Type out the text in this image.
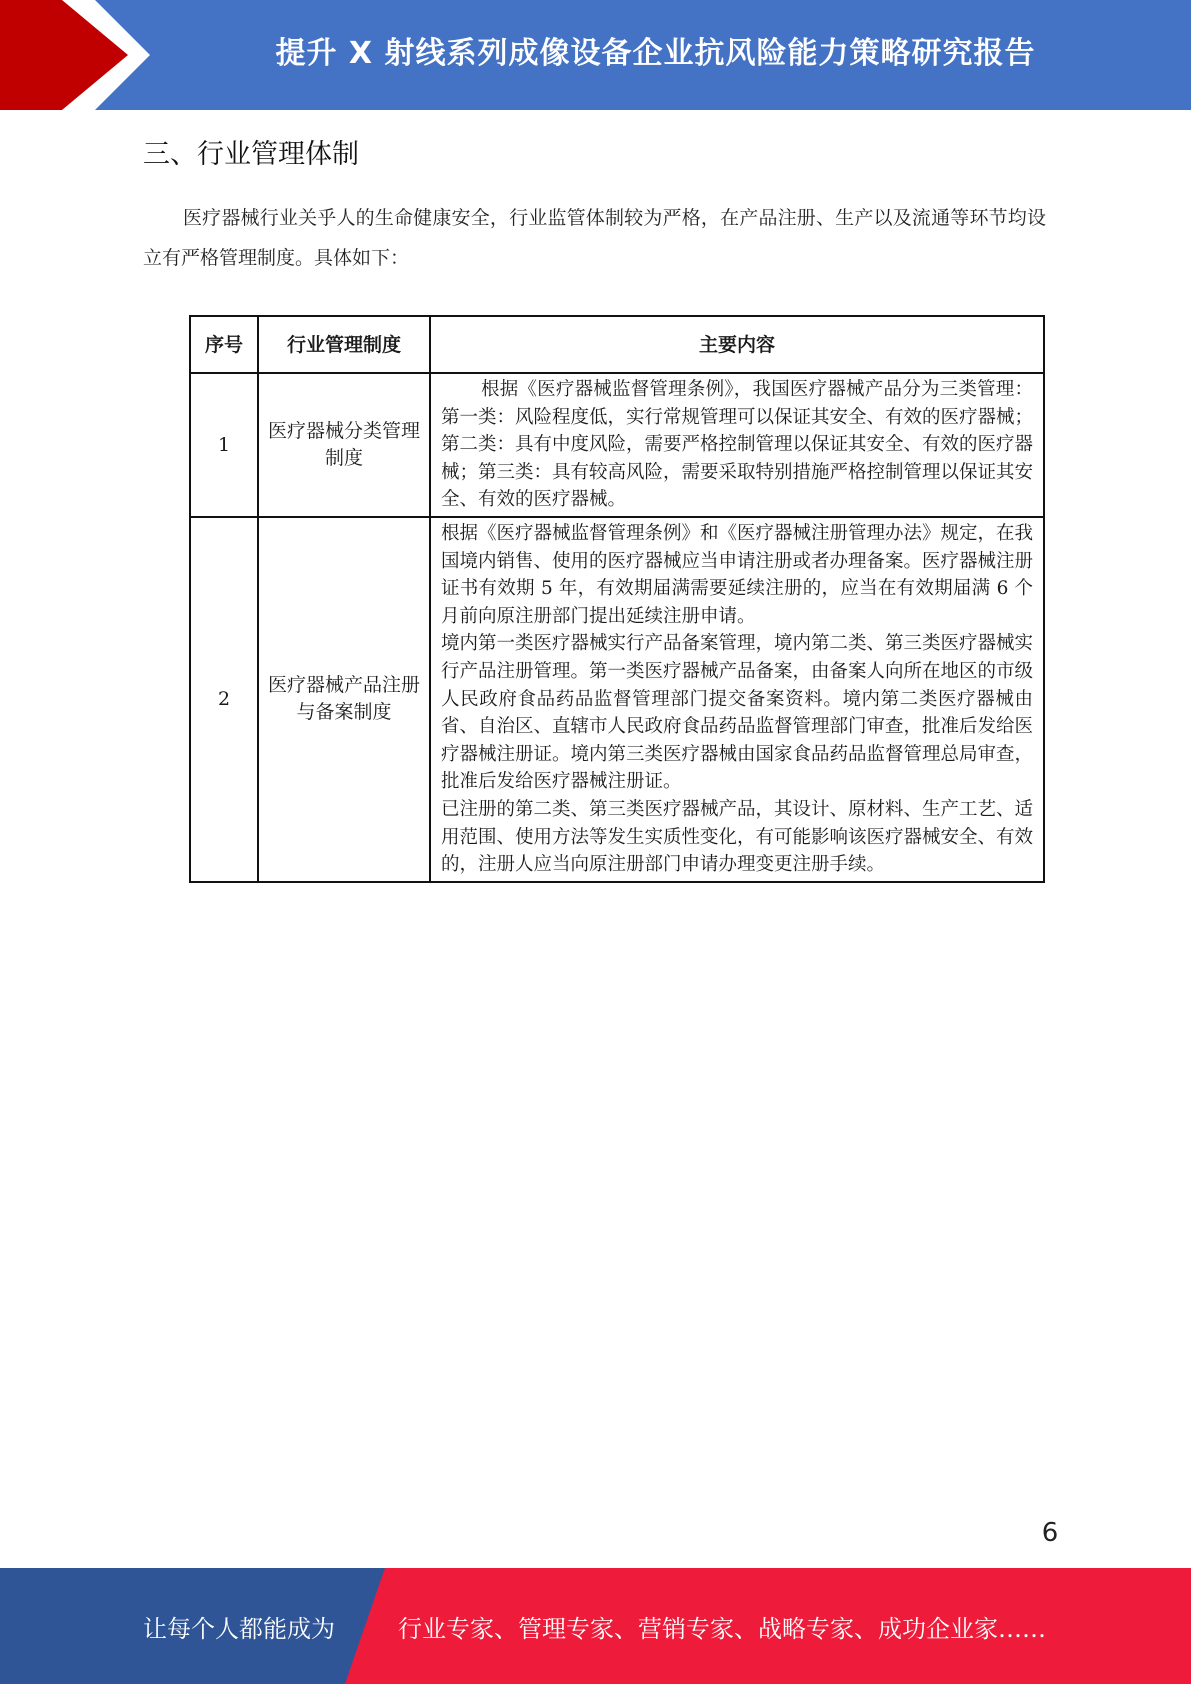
提升 X 射线系列成像设备企业抗风险能力策略研究报告
三、行业管理体制
医疗器械行业关乎人的生命健康安全，行业监管体制较为严格，在产品注册、生产以及流通等环节均设立有严格管理制度。具体如下：
序号	行业管理制度	主要内容
1	医疗器械分类管理制度	根据《医疗器械监督管理条例》，我国医疗器械产品分为三类管理：第一类：风险程度低，实行常规管理可以保证其安全、有效的医疗器械；第二类：具有中度风险，需要严格控制管理以保证其安全、有效的医疗器械；第三类：具有较高风险，需要采取特别措施严格控制管理以保证其安全、有效的医疗器械。

2	医疗器械产品注册与备案制度	根据《医疗器械监督管理条例》和《医疗器械注册管理办法》规定，在我国境内销售、使用的医疗器械应当申请注册或者办理备案。医疗器械注册证书有效期 5 年，有效期届满需要延续注册的，应当在有效期届满 6 个月前向原注册部门提出延续注册申请。

境内第一类医疗器械实行产品备案管理，境内第二类、第三类医疗器械实行产品注册管理。第一类医疗器械产品备案，由备案人向所在地区的市级人民政府食品药品监督管理部门提交备案资料。境内第二类医疗器械由省、自治区、直辖市人民政府食品药品监督管理部门审查，批准后发给医疗器械注册证。境内第三类医疗器械由国家食品药品监督管理总局审查，批准后发给医疗器械注册证。

已注册的第二类、第三类医疗器械产品，其设计、原材料、生产工艺、适用范围、使用方法等发生实质性变化，有可能影响该医疗器械安全、有效的，注册人应当向原注册部门申请办理变更注册手续。

6
让每个人都能成为	行业专家、管理专家、营销专家、战略专家、成功企业家……
